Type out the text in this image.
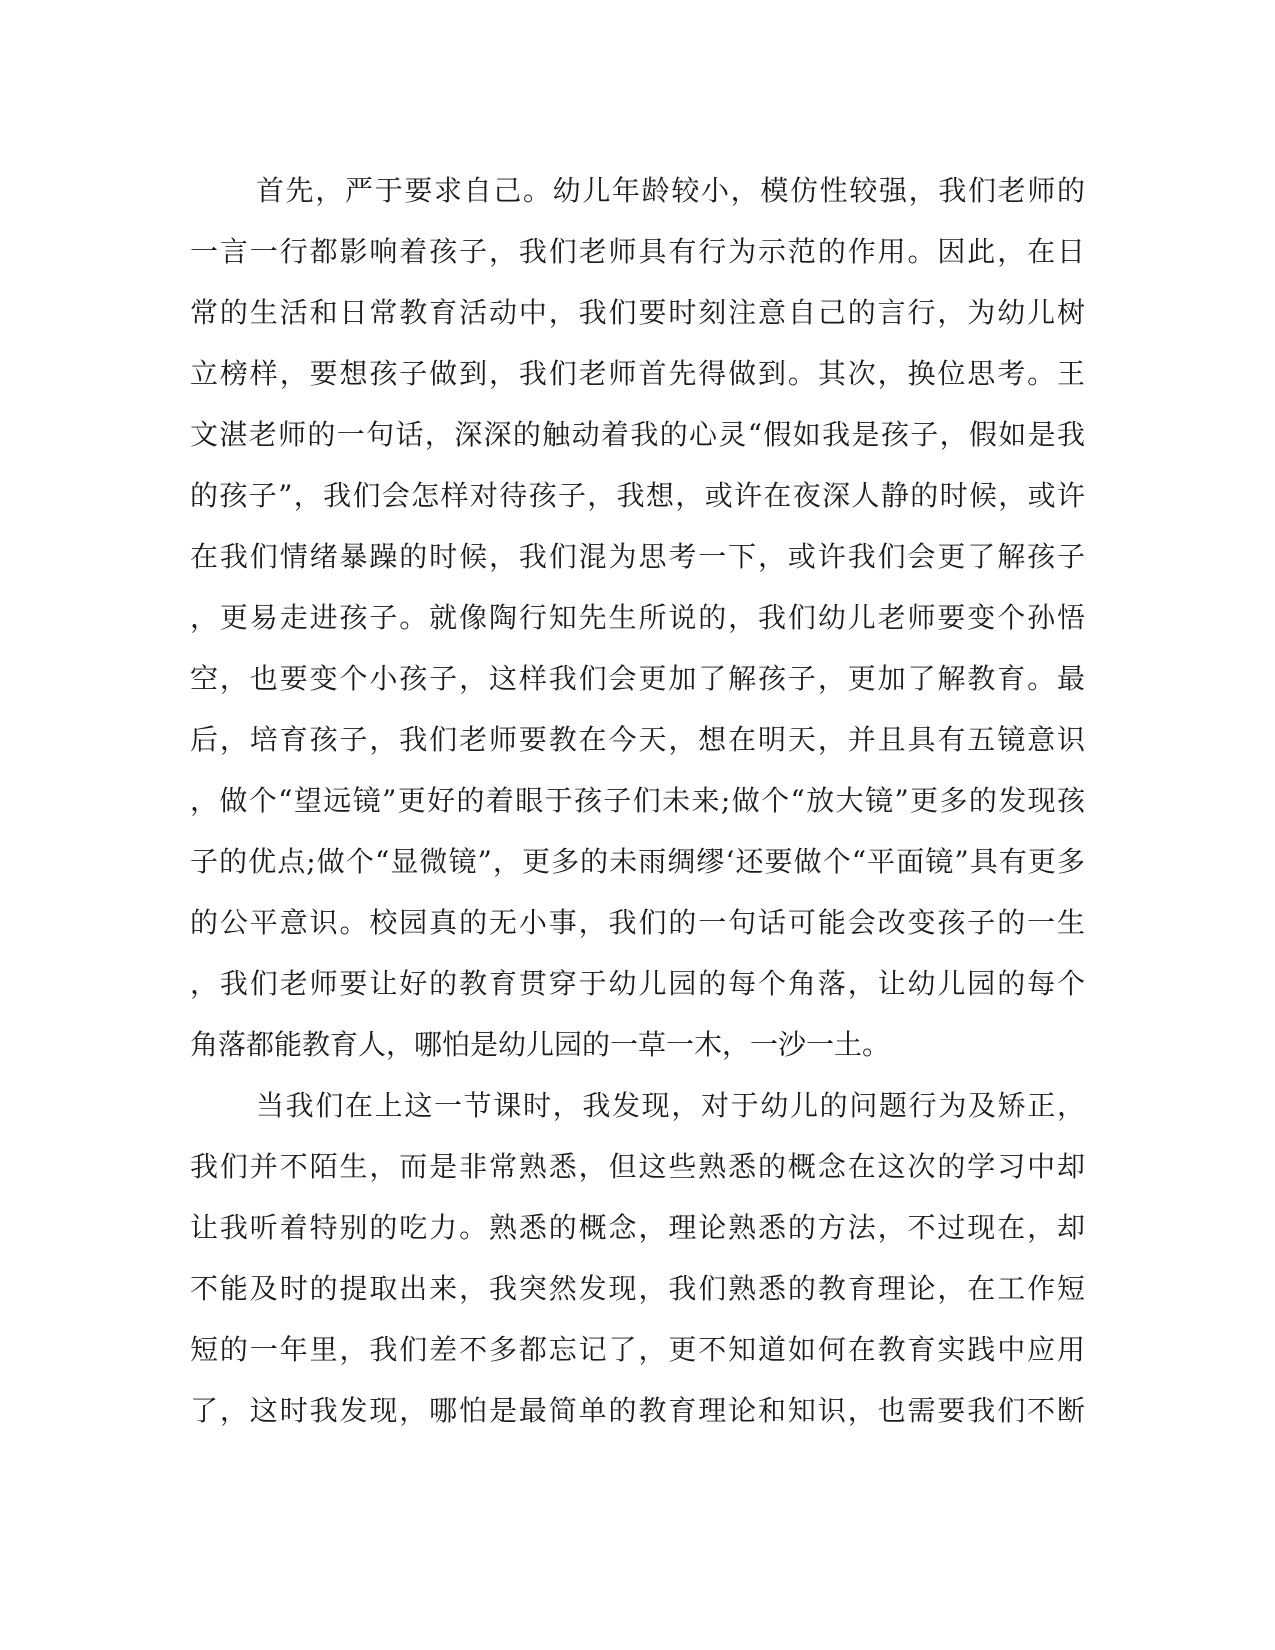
首先，严于要求自己。幼儿年龄较小，模仿性较强，我们老师的
一言一行都影响着孩子，我们老师具有行为示范的作用。因此，在日
常的生活和日常教育活动中，我们要时刻注意自己的言行，为幼儿树
立榜样，要想孩子做到，我们老师首先得做到。其次，换位思考。王
文湛老师的一句话，深深的触动着我的心灵“假如我是孩子，假如是我
的孩子”，我们会怎样对待孩子，我想，或许在夜深人静的时候，或许
在我们情绪暴躁的时候，我们混为思考一下，或许我们会更了解孩子
，更易走进孩子。就像陶行知先生所说的，我们幼儿老师要变个孙悟
空，也要变个小孩子，这样我们会更加了解孩子，更加了解教育。最
后，培育孩子，我们老师要教在今天，想在明天，并且具有五镜意识
，做个“望远镜”更好的着眼于孩子们未来;做个“放大镜”更多的发现孩
子的优点;做个“显微镜”，更多的未雨绸缪‘还要做个“平面镜”具有更多
的公平意识。校园真的无小事，我们的一句话可能会改变孩子的一生
，我们老师要让好的教育贯穿于幼儿园的每个角落，让幼儿园的每个
角落都能教育人，哪怕是幼儿园的一草一木，一沙一土。
当我们在上这一节课时，我发现，对于幼儿的问题行为及矫正，
我们并不陌生，而是非常熟悉，但这些熟悉的概念在这次的学习中却
让我听着特别的吃力。熟悉的概念，理论熟悉的方法，不过现在，却
不能及时的提取出来，我突然发现，我们熟悉的教育理论，在工作短
短的一年里，我们差不多都忘记了，更不知道如何在教育实践中应用
了，这时我发现，哪怕是最简单的教育理论和知识，也需要我们不断
